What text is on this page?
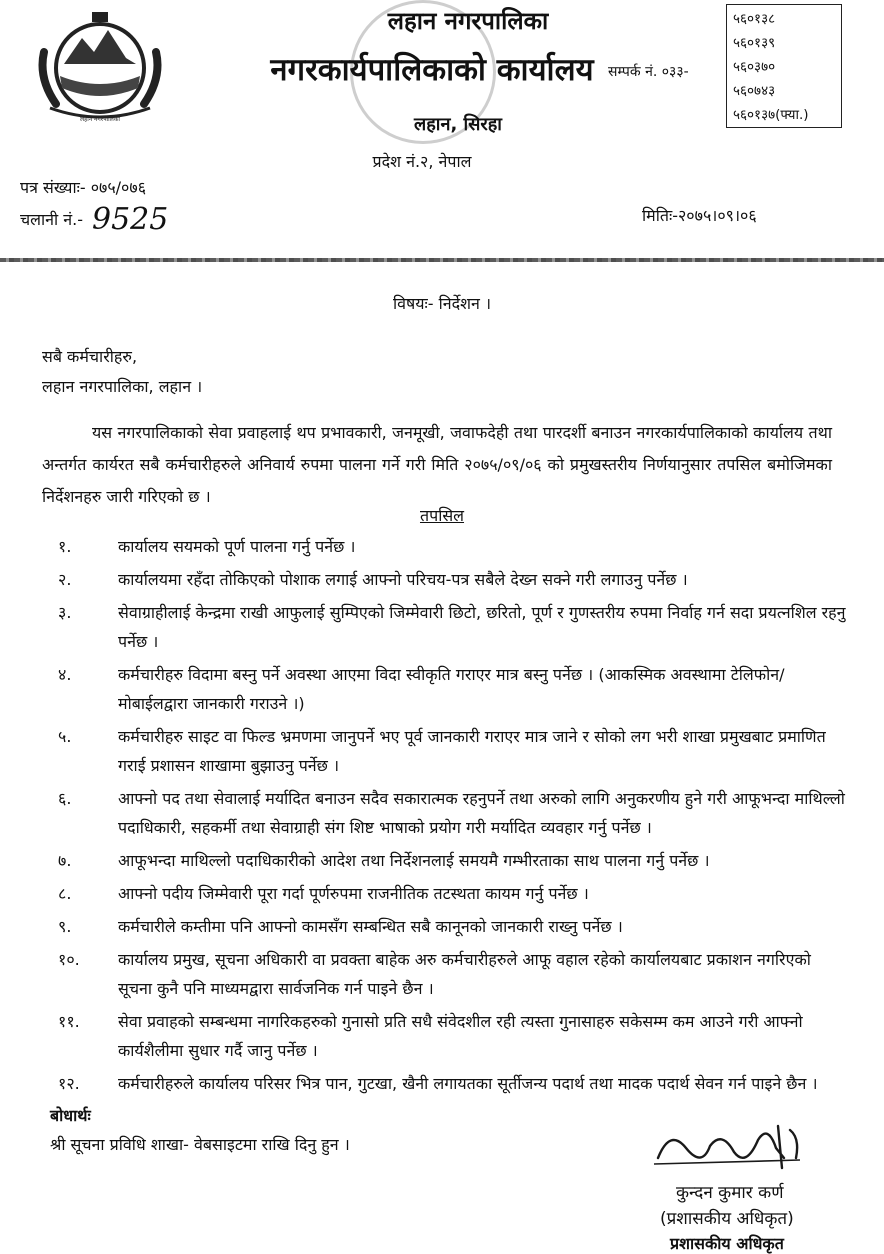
लहान नगरपालिका
लहान नगरपालिका
नगरकार्यपालिकाको कार्यालय
लहान, सिरहा
प्रदेश नं.२, नेपाल
सम्पर्क नं. ०३३-
५६०१३८
५६०१३९
५६०३७०
५६०७४३
५६०१३७(फ्या.)
पत्र संख्याः- ०७५/०७६
चलानी नं.- 9525	मितिः-२०७५।०९।०६
विषयः- निर्देशन ।
सबै कर्मचारीहरु,
लहान नगरपालिका, लहान ।
यस नगरपालिकाको सेवा प्रवाहलाई थप प्रभावकारी, जनमूखी, जवाफदेही तथा पारदर्शी बनाउन नगरकार्यपालिकाको कार्यालय तथा अन्तर्गत कार्यरत सबै कर्मचारीहरुले अनिवार्य रुपमा पालना गर्ने गरी मिति २०७५/०९/०६ को प्रमुखस्तरीय निर्णयानुसार तपसिल बमोजिमका निर्देशनहरु जारी गरिएको छ ।
तपसिल
१.	कार्यालय सयमको पूर्ण पालना गर्नु पर्नेछ ।
२.	कार्यालयमा रहँदा तोकिएको पोशाक लगाई आफ्नो परिचय-पत्र सबैले देख्न सक्ने गरी लगाउनु पर्नेछ ।
३.	सेवाग्राहीलाई केन्द्रमा राखी आफुलाई सुम्पिएको जिम्मेवारी छिटो, छरितो, पूर्ण र गुणस्तरीय रुपमा निर्वाह गर्न सदा प्रयत्नशिल रहनु पर्नेछ ।
४.	कर्मचारीहरु विदामा बस्नु पर्ने अवस्था आएमा विदा स्वीकृति गराएर मात्र बस्नु पर्नेछ । (आकस्मिक अवस्थामा टेलिफोन/मोबाईलद्वारा जानकारी गराउने ।)
५.	कर्मचारीहरु साइट वा फिल्ड भ्रमणमा जानुपर्ने भए पूर्व जानकारी गराएर मात्र जाने र सोको लग भरी शाखा प्रमुखबाट प्रमाणित गराई प्रशासन शाखामा बुझाउनु पर्नेछ ।
६.	आफ्नो पद तथा सेवालाई मर्यादित बनाउन सदैव सकारात्मक रहनुपर्ने तथा अरुको लागि अनुकरणीय हुने गरी आफूभन्दा माथिल्लो पदाधिकारी, सहकर्मी तथा सेवाग्राही संग शिष्ट भाषाको प्रयोग गरी मर्यादित व्यवहार गर्नु पर्नेछ ।
७.	आफूभन्दा माथिल्लो पदाधिकारीको आदेश तथा निर्देशनलाई समयमै गम्भीरताका साथ पालना गर्नु पर्नेछ ।
८.	आफ्नो पदीय जिम्मेवारी पूरा गर्दा पूर्णरुपमा राजनीतिक तटस्थता कायम गर्नु पर्नेछ ।
९.	कर्मचारीले कम्तीमा पनि आफ्नो कामसँग सम्बन्धित सबै कानूनको जानकारी राख्नु पर्नेछ ।
१०.	कार्यालय प्रमुख, सूचना अधिकारी वा प्रवक्ता बाहेक अरु कर्मचारीहरुले आफू वहाल रहेको कार्यालयबाट प्रकाशन नगरिएको सूचना कुनै पनि माध्यमद्वारा सार्वजनिक गर्न पाइने छैन ।
११.	सेवा प्रवाहको सम्बन्धमा नागरिकहरुको गुनासो प्रति सधै संवेदशील रही त्यस्ता गुनासाहरु सकेसम्म कम आउने गरी आफ्नो कार्यशैलीमा सुधार गर्दै जानु पर्नेछ ।
१२.	कर्मचारीहरुले कार्यालय परिसर भित्र पान, गुटखा, खैनी लगायतका सूर्तीजन्य पदार्थ तथा मादक पदार्थ सेवन गर्न पाइने छैन ।
बोधार्थः
श्री सूचना प्रविधि शाखा- वेबसाइटमा राखि दिनु हुन ।
कुन्दन कुमार कर्ण
(प्रशासकीय अधिकृत)
प्रशासकीय अधिकृत
